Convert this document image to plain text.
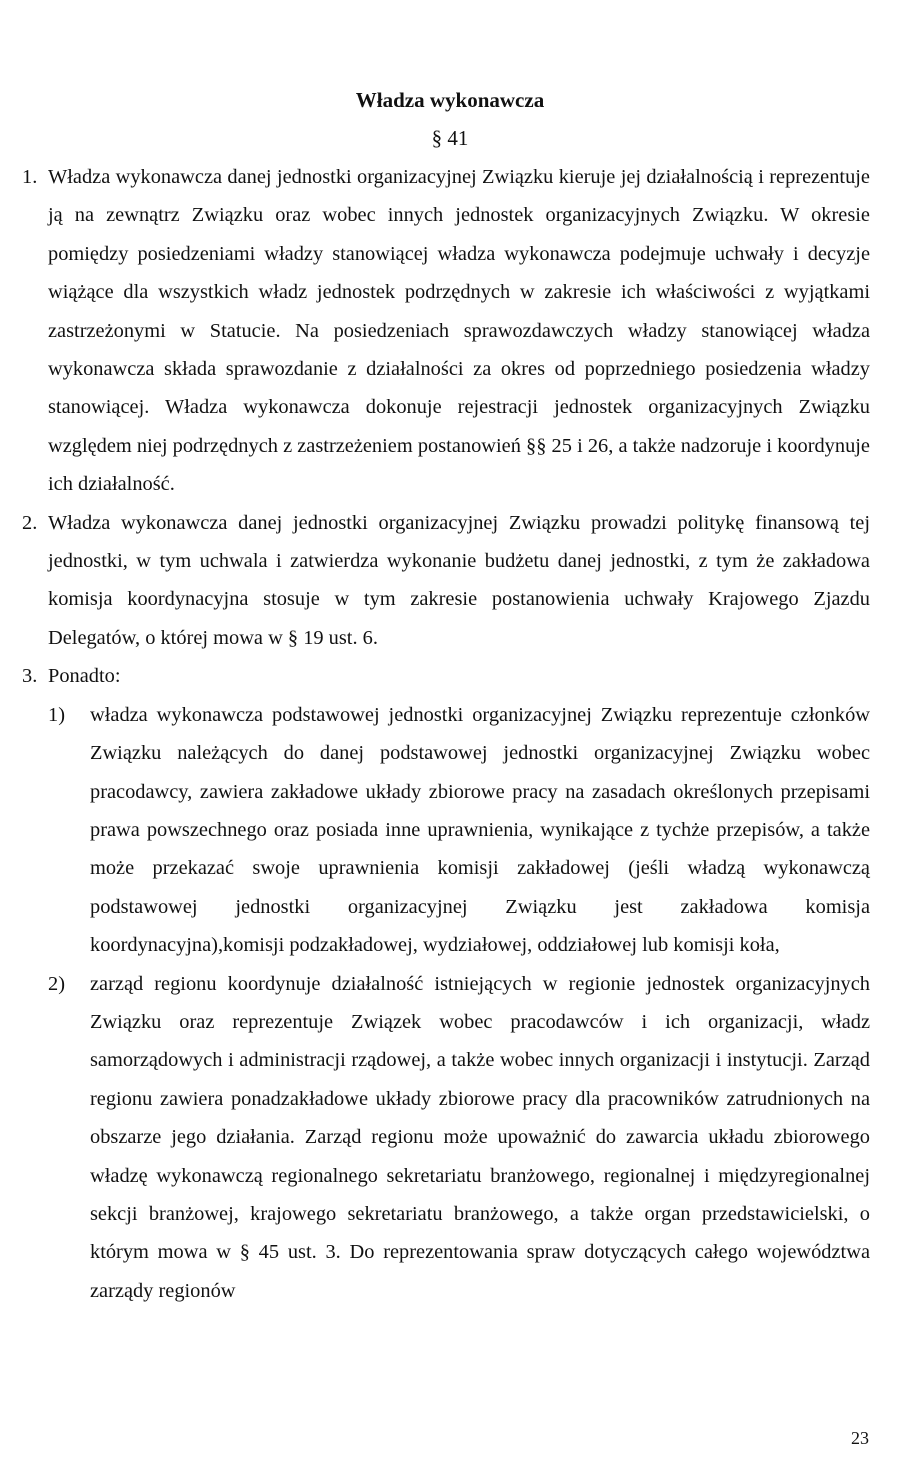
Władza wykonawcza
§ 41
1. Władza wykonawcza danej jednostki organizacyjnej Związku kieruje jej działalnością i reprezentuje ją na zewnątrz Związku oraz wobec innych jednostek organizacyjnych Związku. W okresie pomiędzy posiedzeniami władzy stanowiącej władza wykonawcza podejmuje uchwały i decyzje wiążące dla wszystkich władz jednostek podrzędnych w zakresie ich właściwości z wyjątkami zastrzeżonymi w Statucie. Na posiedzeniach sprawozdawczych władzy stanowiącej władza wykonawcza składa sprawozdanie z działalności za okres od poprzedniego posiedzenia władzy stanowiącej. Władza wykonawcza dokonuje rejestracji jednostek organizacyjnych Związku względem niej podrzędnych z zastrzeżeniem postanowień §§ 25 i 26, a także nadzoruje i koordynuje ich działalność.
2. Władza wykonawcza danej jednostki organizacyjnej Związku prowadzi politykę finansową tej jednostki, w tym uchwala i zatwierdza wykonanie budżetu danej jednostki, z tym że zakładowa komisja koordynacyjna stosuje w tym zakresie postanowienia uchwały Krajowego Zjazdu Delegatów, o której mowa w § 19 ust. 6.
3. Ponadto:
1) władza wykonawcza podstawowej jednostki organizacyjnej Związku reprezentuje członków Związku należących do danej podstawowej jednostki organizacyjnej Związku wobec pracodawcy, zawiera zakładowe układy zbiorowe pracy na zasadach określonych przepisami prawa powszechnego oraz posiada inne uprawnienia, wynikające z tychże przepisów, a także może przekazać swoje uprawnienia komisji zakładowej (jeśli władzą wykonawczą podstawowej jednostki organizacyjnej Związku jest zakładowa komisja koordynacyjna),komisji podzakładowej, wydziałowej, oddziałowej lub komisji koła,
2) zarząd regionu koordynuje działalność istniejących w regionie jednostek organizacyjnych Związku oraz reprezentuje Związek wobec pracodawców i ich organizacji, władz samorządowych i administracji rządowej, a także wobec innych organizacji i instytucji. Zarząd regionu zawiera ponadzakładowe układy zbiorowe pracy dla pracowników zatrudnionych na obszarze jego działania. Zarząd regionu może upoważnić do zawarcia układu zbiorowego władzę wykonawczą regionalnego sekretariatu branżowego, regionalnej i międzyregionalnej sekcji branżowej, krajowego sekretariatu branżowego, a także organ przedstawicielski, o którym mowa w § 45 ust. 3. Do reprezentowania spraw dotyczących całego województwa zarządy regionów
23
